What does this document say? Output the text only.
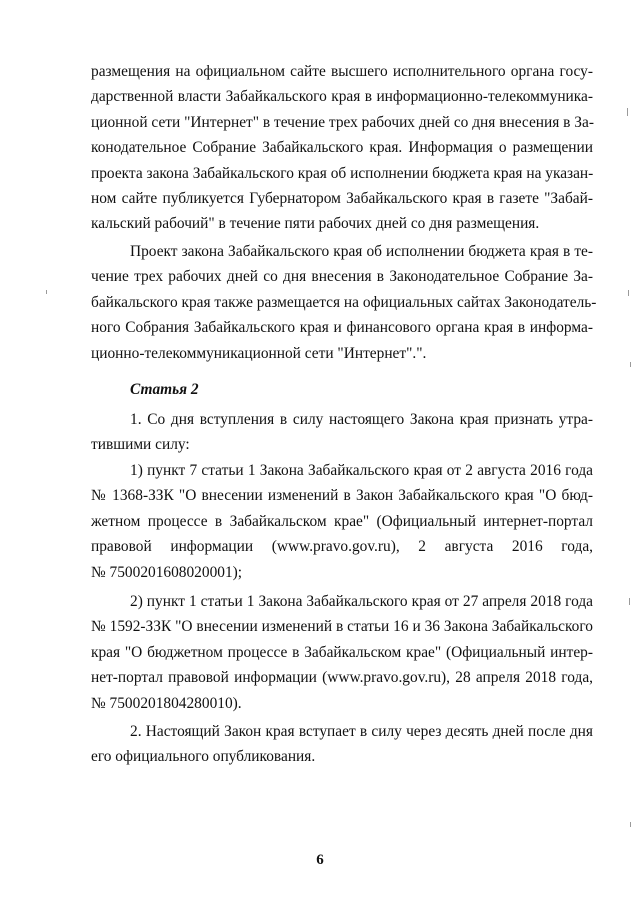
размещения на официальном сайте высшего исполнительного органа госу-
дарственной власти Забайкальского края в информационно-телекоммуника-
ционной сети "Интернет" в течение трех рабочих дней со дня внесения в За-
конодательное Собрание Забайкальского края. Информация о размещении
проекта закона Забайкальского края об исполнении бюджета края на указан-
ном сайте публикуется Губернатором Забайкальского края в газете "Забай-
кальский рабочий" в течение пяти рабочих дней со дня размещения.
Проект закона Забайкальского края об исполнении бюджета края в те-
чение трех рабочих дней со дня внесения в Законодательное Собрание За-
байкальского края также размещается на официальных сайтах Законодатель-
ного Собрания Забайкальского края и финансового органа края в информа-
ционно-телекоммуникационной сети "Интернет".".
Статья 2
1. Со дня вступления в силу настоящего Закона края признать утра-
тившими силу:
1) пункт 7 статьи 1 Закона Забайкальского края от 2 августа 2016 года
№ 1368-ЗЗК "О внесении изменений в Закон Забайкальского края "О бюд-
жетном процессе в Забайкальском крае" (Официальный интернет-портал
правовой информации (www.pravo.gov.ru), 2 августа 2016 года,
№ 7500201608020001);
2) пункт 1 статьи 1 Закона Забайкальского края от 27 апреля 2018 года
№ 1592-ЗЗК "О внесении изменений в статьи 16 и 36 Закона Забайкальского
края "О бюджетном процессе в Забайкальском крае" (Официальный интер-
нет-портал правовой информации (www.pravo.gov.ru), 28 апреля 2018 года,
№ 7500201804280010).
2. Настоящий Закон края вступает в силу через десять дней после дня
его официального опубликования.
6
